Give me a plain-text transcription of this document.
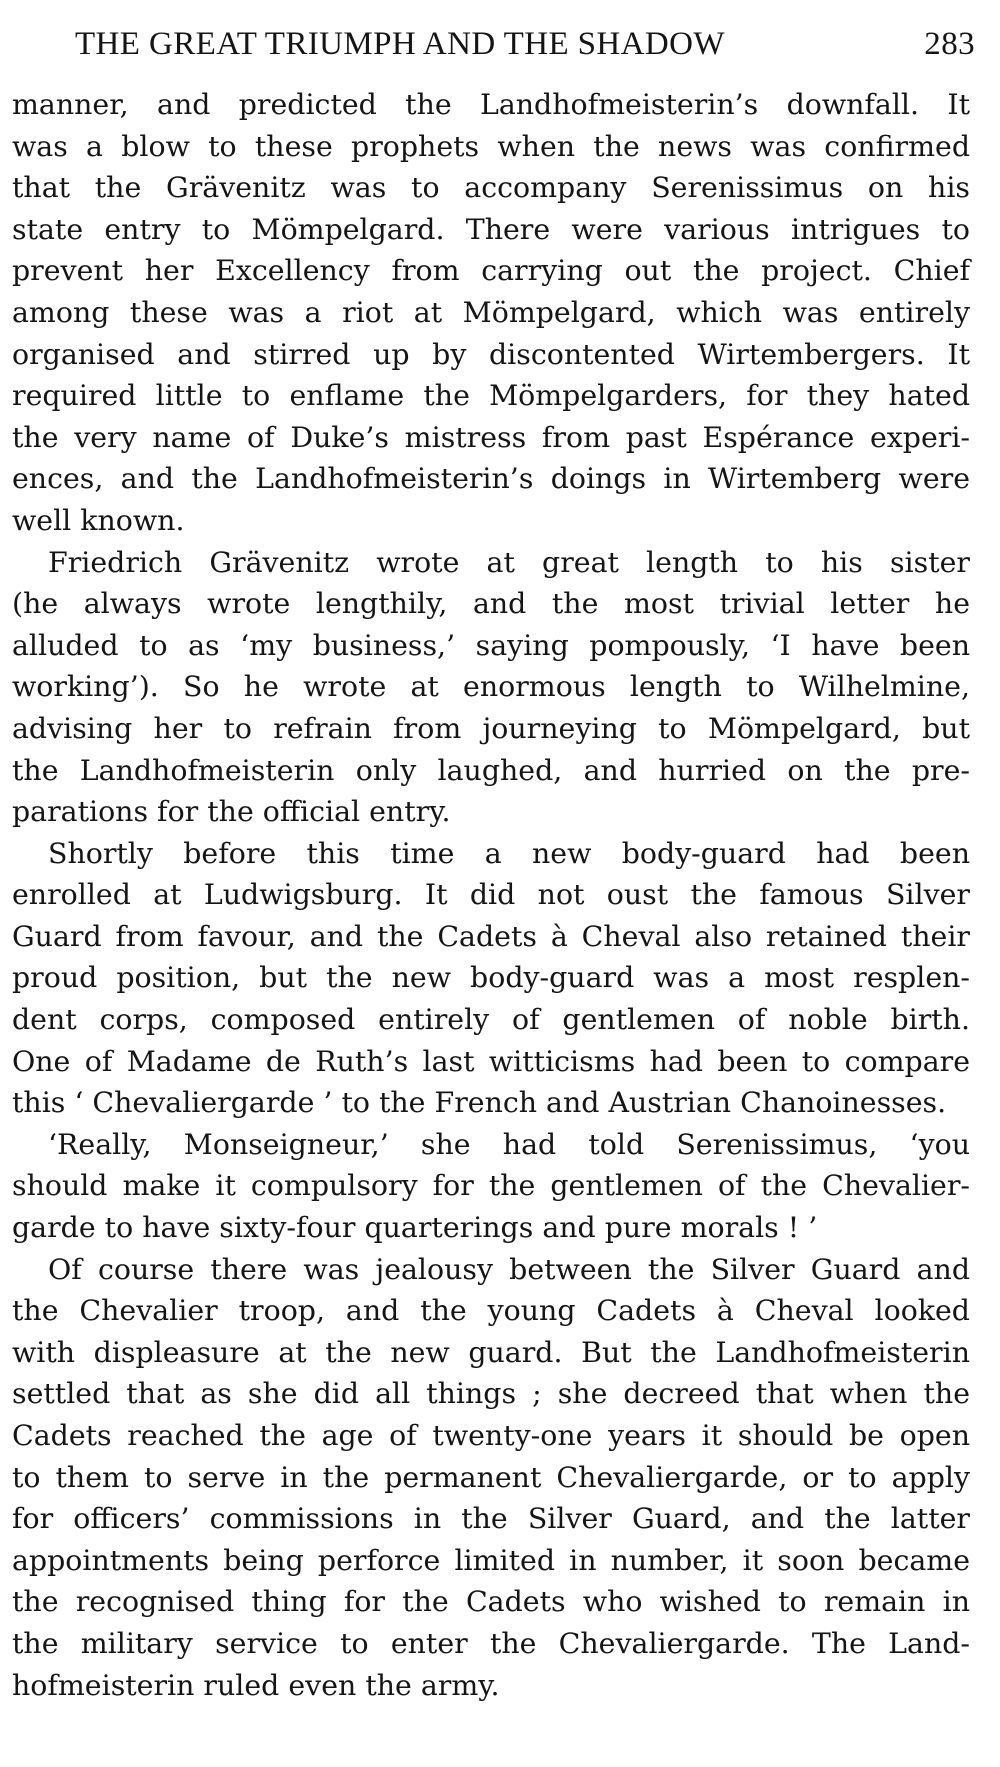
THE GREAT TRIUMPH AND THE SHADOW	283
manner, and predicted the Landhofmeisterin’s downfall. It
was a blow to these prophets when the news was confirmed
that the Grävenitz was to accompany Serenissimus on his
state entry to Mömpelgard. There were various intrigues to
prevent her Excellency from carrying out the project. Chief
among these was a riot at Mömpelgard, which was entirely
organised and stirred up by discontented Wirtembergers. It
required little to enflame the Mömpelgarders, for they hated
the very name of Duke’s mistress from past Espérance experi-
ences, and the Landhofmeisterin’s doings in Wirtemberg were
well known.
Friedrich Grävenitz wrote at great length to his sister
(he always wrote lengthily, and the most trivial letter he
alluded to as ‘my business,’ saying pompously, ‘I have been
working’). So he wrote at enormous length to Wilhelmine,
advising her to refrain from journeying to Mömpelgard, but
the Landhofmeisterin only laughed, and hurried on the pre-
parations for the official entry.
Shortly before this time a new body-guard had been
enrolled at Ludwigsburg. It did not oust the famous Silver
Guard from favour, and the Cadets à Cheval also retained their
proud position, but the new body-guard was a most resplen-
dent corps, composed entirely of gentlemen of noble birth.
One of Madame de Ruth’s last witticisms had been to compare
this ‘ Chevaliergarde ’ to the French and Austrian Chanoinesses.
‘Really, Monseigneur,’ she had told Serenissimus, ‘you
should make it compulsory for the gentlemen of the Chevalier-
garde to have sixty-four quarterings and pure morals ! ’
Of course there was jealousy between the Silver Guard and
the Chevalier troop, and the young Cadets à Cheval looked
with displeasure at the new guard. But the Landhofmeisterin
settled that as she did all things ; she decreed that when the
Cadets reached the age of twenty-one years it should be open
to them to serve in the permanent Chevaliergarde, or to apply
for officers’ commissions in the Silver Guard, and the latter
appointments being perforce limited in number, it soon became
the recognised thing for the Cadets who wished to remain in
the military service to enter the Chevaliergarde. The Land-
hofmeisterin ruled even the army.
